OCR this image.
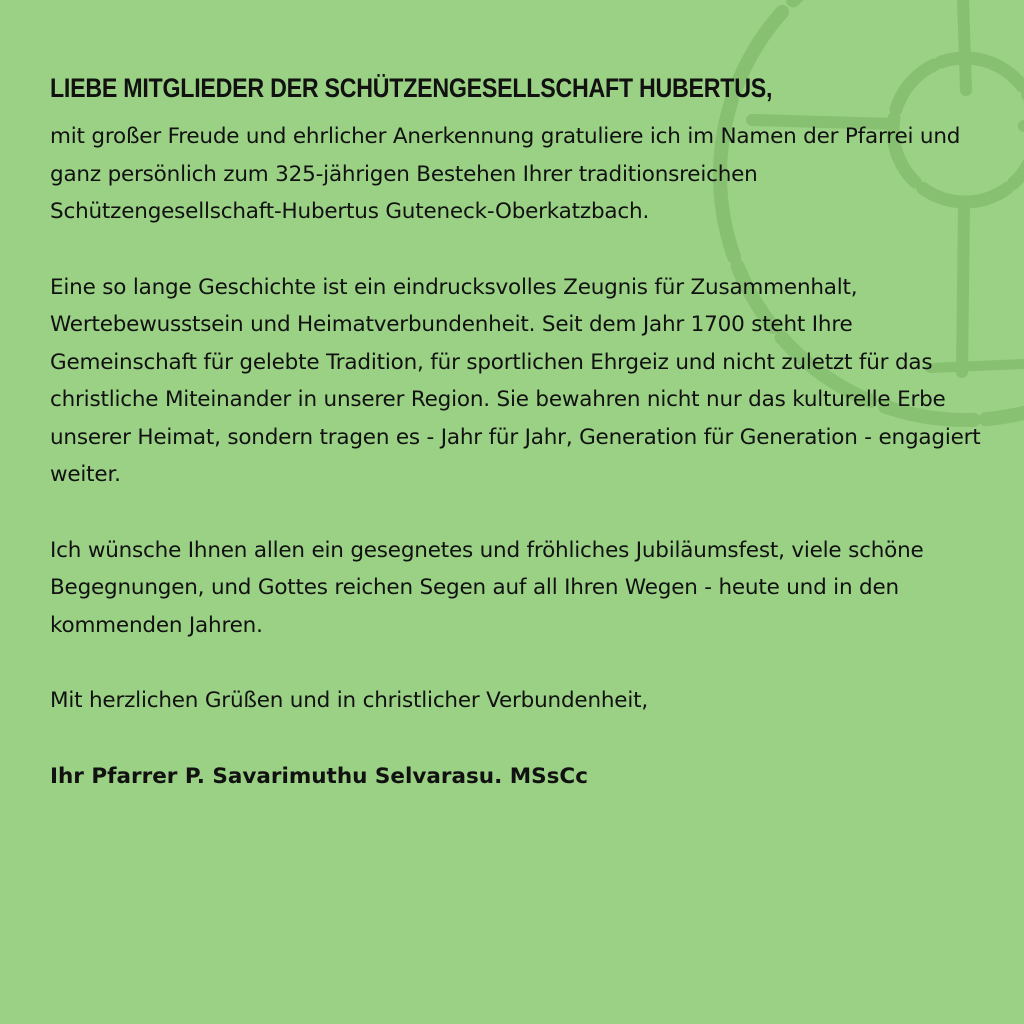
LIEBE MITGLIEDER DER SCHÜTZENGESELLSCHAFT HUBERTUS,

mit großer Freude und ehrlicher Anerkennung gratuliere ich im Namen der Pfarrei und ganz persönlich zum 325-jährigen Bestehen Ihrer traditionsreichen Schützengesellschaft-Hubertus Guteneck-Oberkatzbach.

Eine so lange Geschichte ist ein eindrucksvolles Zeugnis für Zusammenhalt, Wertebewusstsein und Heimatverbundenheit. Seit dem Jahr 1700 steht Ihre Gemeinschaft für gelebte Tradition, für sportlichen Ehrgeiz und nicht zuletzt für das christliche Miteinander in unserer Region. Sie bewahren nicht nur das kulturelle Erbe unserer Heimat, sondern tragen es - Jahr für Jahr, Generation für Generation - engagiert weiter.

Ich wünsche Ihnen allen ein gesegnetes und fröhliches Jubiläumsfest, viele schöne Begegnungen, und Gottes reichen Segen auf all Ihren Wegen - heute und in den kommenden Jahren.

Mit herzlichen Grüßen und in christlicher Verbundenheit,

Ihr Pfarrer P. Savarimuthu Selvarasu. MSsCc
